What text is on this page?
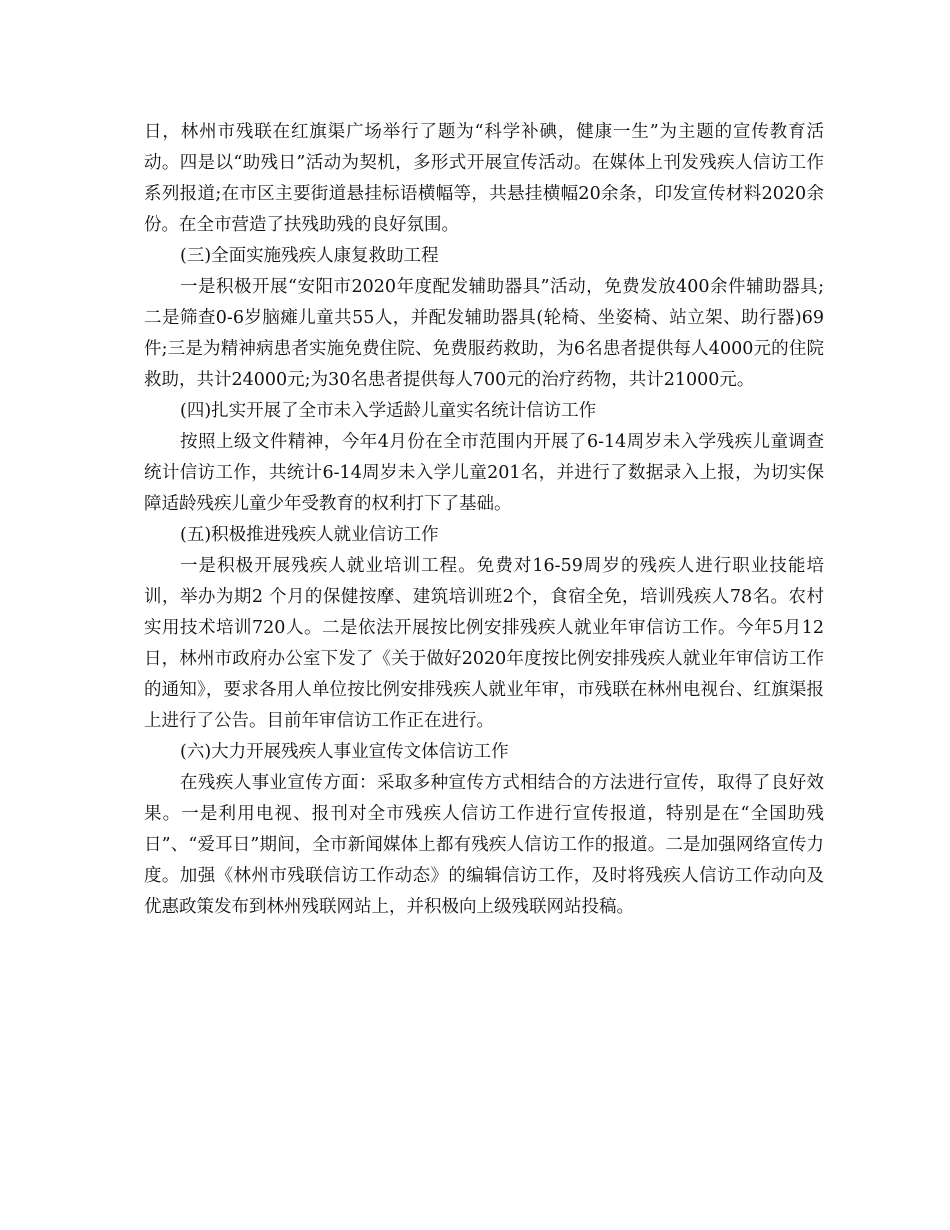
日，林州市残联在红旗渠广场举行了题为“科学补碘，健康一生”为主题的宣传教育活动。四是以“助残日”活动为契机，多形式开展宣传活动。在媒体上刊发残疾人信访工作系列报道;在市区主要街道悬挂标语横幅等，共悬挂横幅20余条，印发宣传材料2020余份。在全市营造了扶残助残的良好氛围。

(三)全面实施残疾人康复救助工程

一是积极开展“安阳市2020年度配发辅助器具”活动，免费发放400余件辅助器具;二是筛查0-6岁脑瘫儿童共55人，并配发辅助器具(轮椅、坐姿椅、站立架、助行器)69件;三是为精神病患者实施免费住院、免费服药救助，为6名患者提供每人4000元的住院救助，共计24000元;为30名患者提供每人700元的治疗药物，共计21000元。

(四)扎实开展了全市未入学适龄儿童实名统计信访工作

按照上级文件精神，今年4月份在全市范围内开展了6-14周岁未入学残疾儿童调查统计信访工作，共统计6-14周岁未入学儿童201名，并进行了数据录入上报，为切实保障适龄残疾儿童少年受教育的权利打下了基础。

(五)积极推进残疾人就业信访工作

一是积极开展残疾人就业培训工程。免费对16-59周岁的残疾人进行职业技能培训，举办为期2 个月的保健按摩、建筑培训班2个，食宿全免，培训残疾人78名。农村实用技术培训720人。二是依法开展按比例安排残疾人就业年审信访工作。今年5月12日，林州市政府办公室下发了《关于做好2020年度按比例安排残疾人就业年审信访工作的通知》，要求各用人单位按比例安排残疾人就业年审，市残联在林州电视台、红旗渠报上进行了公告。目前年审信访工作正在进行。

(六)大力开展残疾人事业宣传文体信访工作

在残疾人事业宣传方面：采取多种宣传方式相结合的方法进行宣传，取得了良好效果。一是利用电视、报刊对全市残疾人信访工作进行宣传报道，特别是在“全国助残日”、“爱耳日”期间，全市新闻媒体上都有残疾人信访工作的报道。二是加强网络宣传力度。加强《林州市残联信访工作动态》的编辑信访工作，及时将残疾人信访工作动向及优惠政策发布到林州残联网站上，并积极向上级残联网站投稿。
